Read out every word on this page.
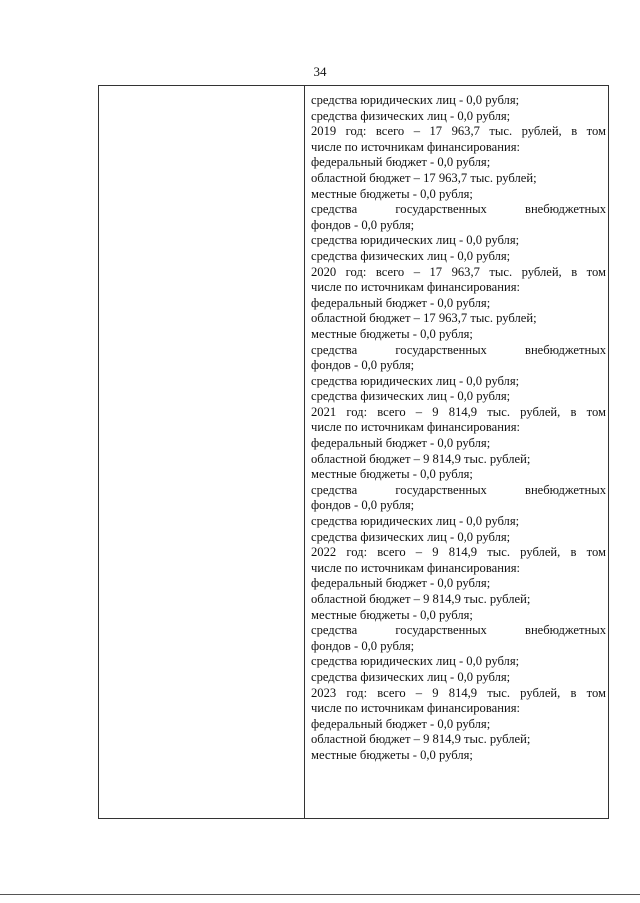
34
средства юридических лиц - 0,0 рубля;
средства физических лиц - 0,0 рубля;
2019 год: всего – 17 963,7 тыс. рублей, в том
числе по источникам финансирования:
федеральный бюджет - 0,0 рубля;
областной бюджет – 17 963,7 тыс. рублей;
местные бюджеты - 0,0 рубля;
средства государственных внебюджетных
фондов - 0,0 рубля;
средства юридических лиц - 0,0 рубля;
средства физических лиц - 0,0 рубля;
2020 год: всего – 17 963,7 тыс. рублей, в том
числе по источникам финансирования:
федеральный бюджет - 0,0 рубля;
областной бюджет – 17 963,7 тыс. рублей;
местные бюджеты - 0,0 рубля;
средства государственных внебюджетных
фондов - 0,0 рубля;
средства юридических лиц - 0,0 рубля;
средства физических лиц - 0,0 рубля;
2021 год: всего – 9 814,9 тыс. рублей, в том
числе по источникам финансирования:
федеральный бюджет - 0,0 рубля;
областной бюджет – 9 814,9 тыс. рублей;
местные бюджеты - 0,0 рубля;
средства государственных внебюджетных
фондов - 0,0 рубля;
средства юридических лиц - 0,0 рубля;
средства физических лиц - 0,0 рубля;
2022 год: всего – 9 814,9 тыс. рублей, в том
числе по источникам финансирования:
федеральный бюджет - 0,0 рубля;
областной бюджет – 9 814,9 тыс. рублей;
местные бюджеты - 0,0 рубля;
средства государственных внебюджетных
фондов - 0,0 рубля;
средства юридических лиц - 0,0 рубля;
средства физических лиц - 0,0 рубля;
2023 год: всего – 9 814,9 тыс. рублей, в том
числе по источникам финансирования:
федеральный бюджет - 0,0 рубля;
областной бюджет – 9 814,9 тыс. рублей;
местные бюджеты - 0,0 рубля;
